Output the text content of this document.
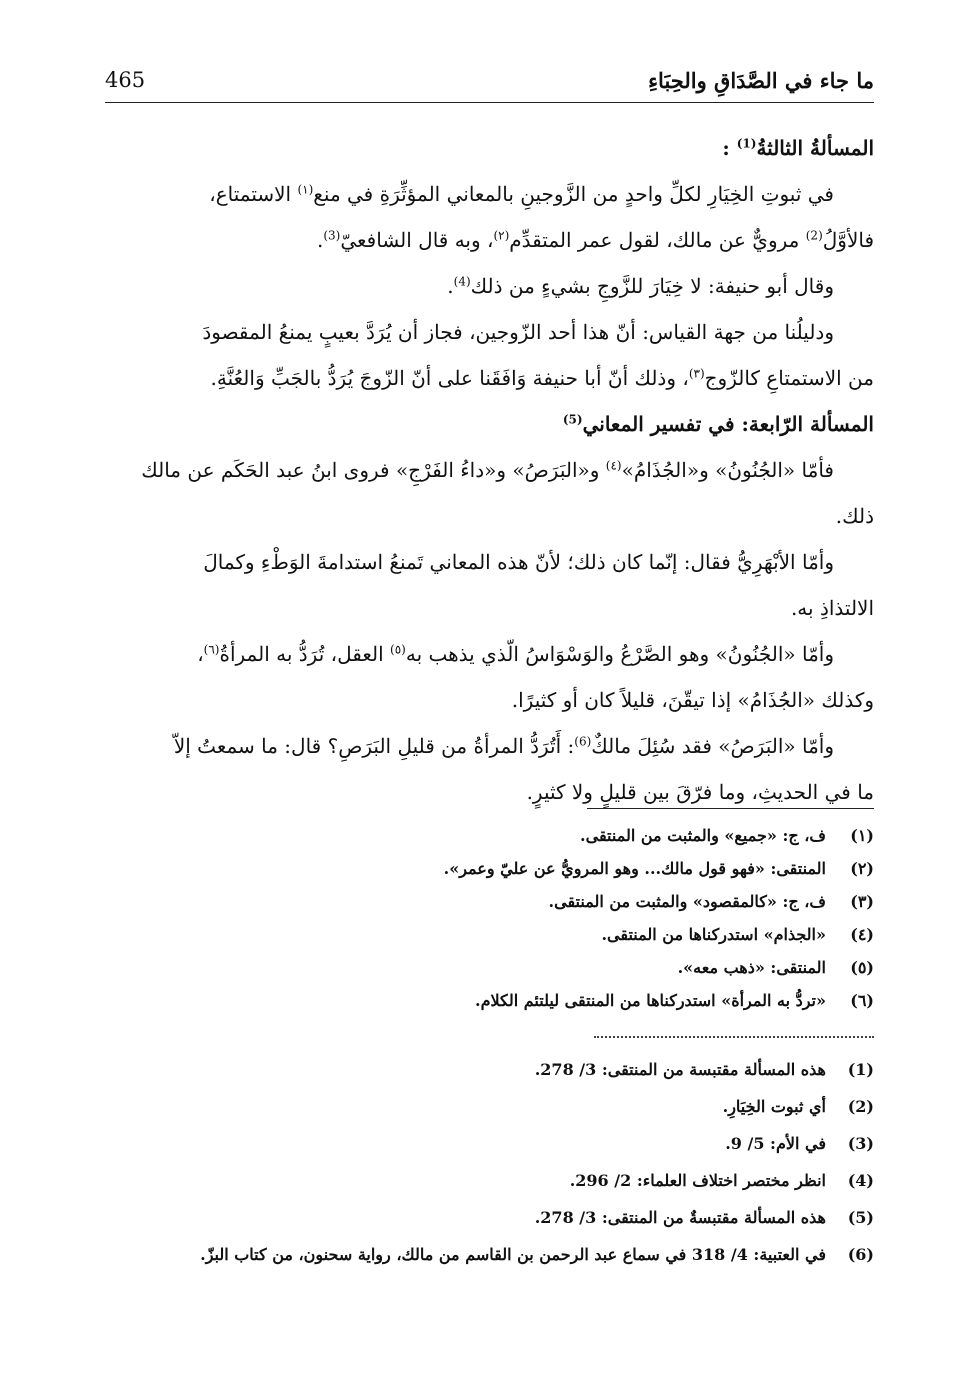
465	ما جاء في الصَّدَاقِ والحِبَاءِ

المسألةُ الثالثةُ$^{(1)}$ :

في ثبوتِ الخِيَارِ لكلِّ واحدٍ من الزَّوجينِ بالمعاني المؤثِّرَةِ في منع$^{(١)}$ الاستمتاع،

فالأوَّلُ$^{(2)}$ مرويٌّ عن مالك، لقول عمر المتقدِّم$^{(٢)}$، وبه قال الشافعيّ$^{(3)}$.

وقال أبو حنيفة: لا خِيَارَ للزَّوجِ بشيءٍ من ذلك$^{(4)}$.

ودليلُنا من جهة القياس: أنّ هذا أحد الزّوجين، فجاز أن يُرَدَّ بعيبٍ يمنعُ المقصودَ

من الاستمتاعِ كالزّوج$^{(٣)}$، وذلك أنّ أبا حنيفة وَافَقَنا على أنّ الزّوجَ يُرَدُّ بالجَبِّ وَالعُنَّةِ.

المسألة الرّابعة: في تفسير المعاني$^{(5)}$

فأمّا «الجُنُونُ» و«الجُذَامُ»$^{(٤)}$ و«البَرَصُ» و«داءُ الفَرْجِ» فروى ابنُ عبد الحَكَم عن مالك

ذلك.

وأمّا الأبْهَرِيُّ فقال: إنّما كان ذلك؛ لأنّ هذه المعاني تَمنعُ استدامةَ الوَطْءِ وكمالَ

الالتذاذِ به.

وأمّا «الجُنُونُ» وهو الصَّرْعُ والوَسْوَاسُ الّذي يذهب به$^{(٥)}$ العقل، تُرَدُّ به المرأةُ$^{(٦)}$،

وكذلك «الجُذَامُ» إذا تيقّنَ، قليلاً كان أو كثيرًا.

وأمّا «البَرَصُ» فقد سُئِلَ مالكٌ$^{(6)}$: أَتُرَدُّ المرأةُ من قليلِ البَرَصِ؟ قال: ما سمعتُ إلاّ

ما في الحديثِ، وما فرّقَ بين قليلٍ ولا كثيرٍ.

(١)
ف، ج: «جميع» والمثبت من المنتقى.
(٢)
المنتقى: «فهو قول مالك... وهو المرويُّ عن عليّ وعمر».
(٣)
ف، ج: «كالمقصود» والمثبت من المنتقى.
(٤)
«الجذام» استدركناها من المنتقى.
(٥)
المنتقى: «ذهب معه».
(٦)
«تردُّ به المرأة» استدركناها من المنتقى ليلتئم الكلام.
(1)
هذه المسألة مقتبسة من المنتقى: 3/ 278.
(2)
أي ثبوت الخِيَارِ.
(3)
في الأم: 5/ 9.
(4)
انظر مختصر اختلاف العلماء: 2/ 296.
(5)
هذه المسألة مقتبسةٌ من المنتقى: 3/ 278.
(6)
في العتبية: 4/ 318 في سماع عبد الرحمن بن القاسم من مالك، رواية سحنون، من كتاب البزّ.
